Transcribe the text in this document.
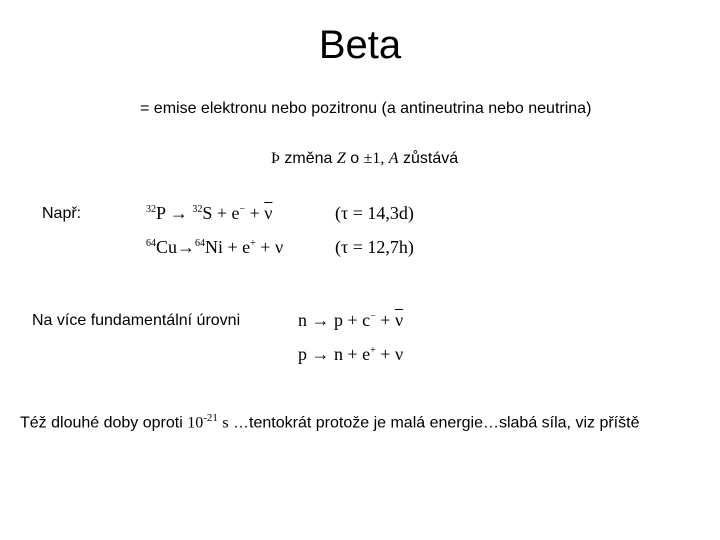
Beta
= emise elektronu nebo pozitronu (a antineutrina nebo neutrina)
Þ změna Z o ±1, A zůstává
Např:	$^{32}P \to ^{32}S + e^- + \overline{\nu}$	(τ = 14,3d)
$^{64}$Cu→$^{64}$Ni + e+ + ν	(τ = 12,7h)
Na více fundamentální úrovni	$n \to p + c^- + \overline{\nu}$
p → n + e+ + ν
Též dlouhé doby oproti $10^{-21}$ s …tentokrát protože je malá energie…slabá síla, viz příště
